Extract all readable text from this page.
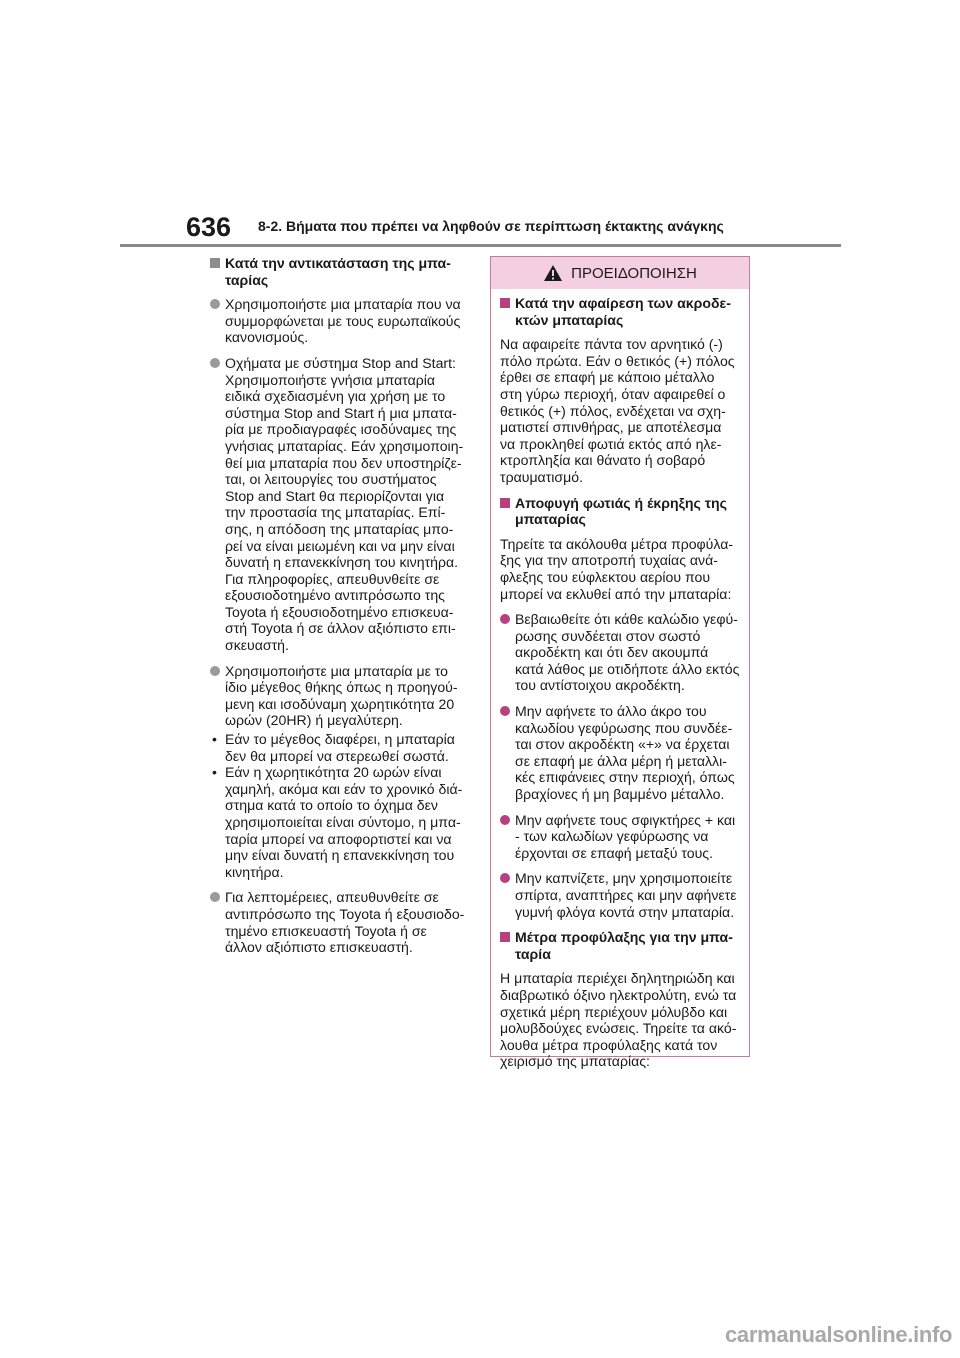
636 8-2. Βήματα που πρέπει να ληφθούν σε περίπτωση έκτακτης ανάγκης
Κατά την αντικατάσταση της μπα-
ταρίας
Χρησιμοποιήστε μια μπαταρία που να
συμμορφώνεται με τους ευρωπαϊκούς
κανονισμούς.
Οχήματα με σύστημα Stop and Start:
Χρησιμοποιήστε γνήσια μπαταρία
ειδικά σχεδιασμένη για χρήση με το
σύστημα Stop and Start ή μια μπατα-
ρία με προδιαγραφές ισοδύναμες της
γνήσιας μπαταρίας. Εάν χρησιμοποιη-
θεί μια μπαταρία που δεν υποστηρίζε-
ται, οι λειτουργίες του συστήματος
Stop and Start θα περιορίζονται για
την προστασία της μπαταρίας. Επί-
σης, η απόδοση της μπαταρίας μπο-
ρεί να είναι μειωμένη και να μην είναι
δυνατή η επανεκκίνηση του κινητήρα.
Για πληροφορίες, απευθυνθείτε σε
εξουσιοδοτημένο αντιπρόσωπο της
Toyota ή εξουσιοδοτημένο επισκευα-
στή Toyota ή σε άλλον αξιόπιστο επι-
σκευαστή.
Χρησιμοποιήστε μια μπαταρία με το
ίδιο μέγεθος θήκης όπως η προηγού-
μενη και ισοδύναμη χωρητικότητα 20
ωρών (20HR) ή μεγαλύτερη.
• Εάν το μέγεθος διαφέρει, η μπαταρία
δεν θα μπορεί να στερεωθεί σωστά.
• Εάν η χωρητικότητα 20 ωρών είναι
χαμηλή, ακόμα και εάν το χρονικό διά-
στημα κατά το οποίο το όχημα δεν
χρησιμοποιείται είναι σύντομο, η μπα-
ταρία μπορεί να αποφορτιστεί και να
μην είναι δυνατή η επανεκκίνηση του
κινητήρα.
Για λεπτομέρειες, απευθυνθείτε σε
αντιπρόσωπο της Toyota ή εξουσιοδο-
τημένο επισκευαστή Toyota ή σε
άλλον αξιόπιστο επισκευαστή.
ΠΡΟΕΙΔΟΠΟΙΗΣΗ
Κατά την αφαίρεση των ακροδε-
κτών μπαταρίας
Να αφαιρείτε πάντα τον αρνητικό (-)
πόλο πρώτα. Εάν ο θετικός (+) πόλος
έρθει σε επαφή με κάποιο μέταλλο
στη γύρω περιοχή, όταν αφαιρεθεί ο
θετικός (+) πόλος, ενδέχεται να σχη-
ματιστεί σπινθήρας, με αποτέλεσμα
να προκληθεί φωτιά εκτός από ηλε-
κτροπληξία και θάνατο ή σοβαρό
τραυματισμό.
Αποφυγή φωτιάς ή έκρηξης της
μπαταρίας
Τηρείτε τα ακόλουθα μέτρα προφύλα-
ξης για την αποτροπή τυχαίας ανά-
φλεξης του εύφλεκτου αερίου που
μπορεί να εκλυθεί από την μπαταρία:
Βεβαιωθείτε ότι κάθε καλώδιο γεφύ-
ρωσης συνδέεται στον σωστό
ακροδέκτη και ότι δεν ακουμπά
κατά λάθος με οτιδήποτε άλλο εκτός
του αντίστοιχου ακροδέκτη.
Μην αφήνετε το άλλο άκρο του
καλωδίου γεφύρωσης που συνδέε-
ται στον ακροδέκτη «+» να έρχεται
σε επαφή με άλλα μέρη ή μεταλλι-
κές επιφάνειες στην περιοχή, όπως
βραχίονες ή μη βαμμένο μέταλλο.
Μην αφήνετε τους σφιγκτήρες + και
- των καλωδίων γεφύρωσης να
έρχονται σε επαφή μεταξύ τους.
Μην καπνίζετε, μην χρησιμοποιείτε
σπίρτα, αναπτήρες και μην αφήνετε
γυμνή φλόγα κοντά στην μπαταρία.
Μέτρα προφύλαξης για την μπα-
ταρία
Η μπαταρία περιέχει δηλητηριώδη και
διαβρωτικό όξινο ηλεκτρολύτη, ενώ τα
σχετικά μέρη περιέχουν μόλυβδο και
μολυβδούχες ενώσεις. Τηρείτε τα ακό-
λουθα μέτρα προφύλαξης κατά τον
χειρισμό της μπαταρίας:
carmanualsonline.info
